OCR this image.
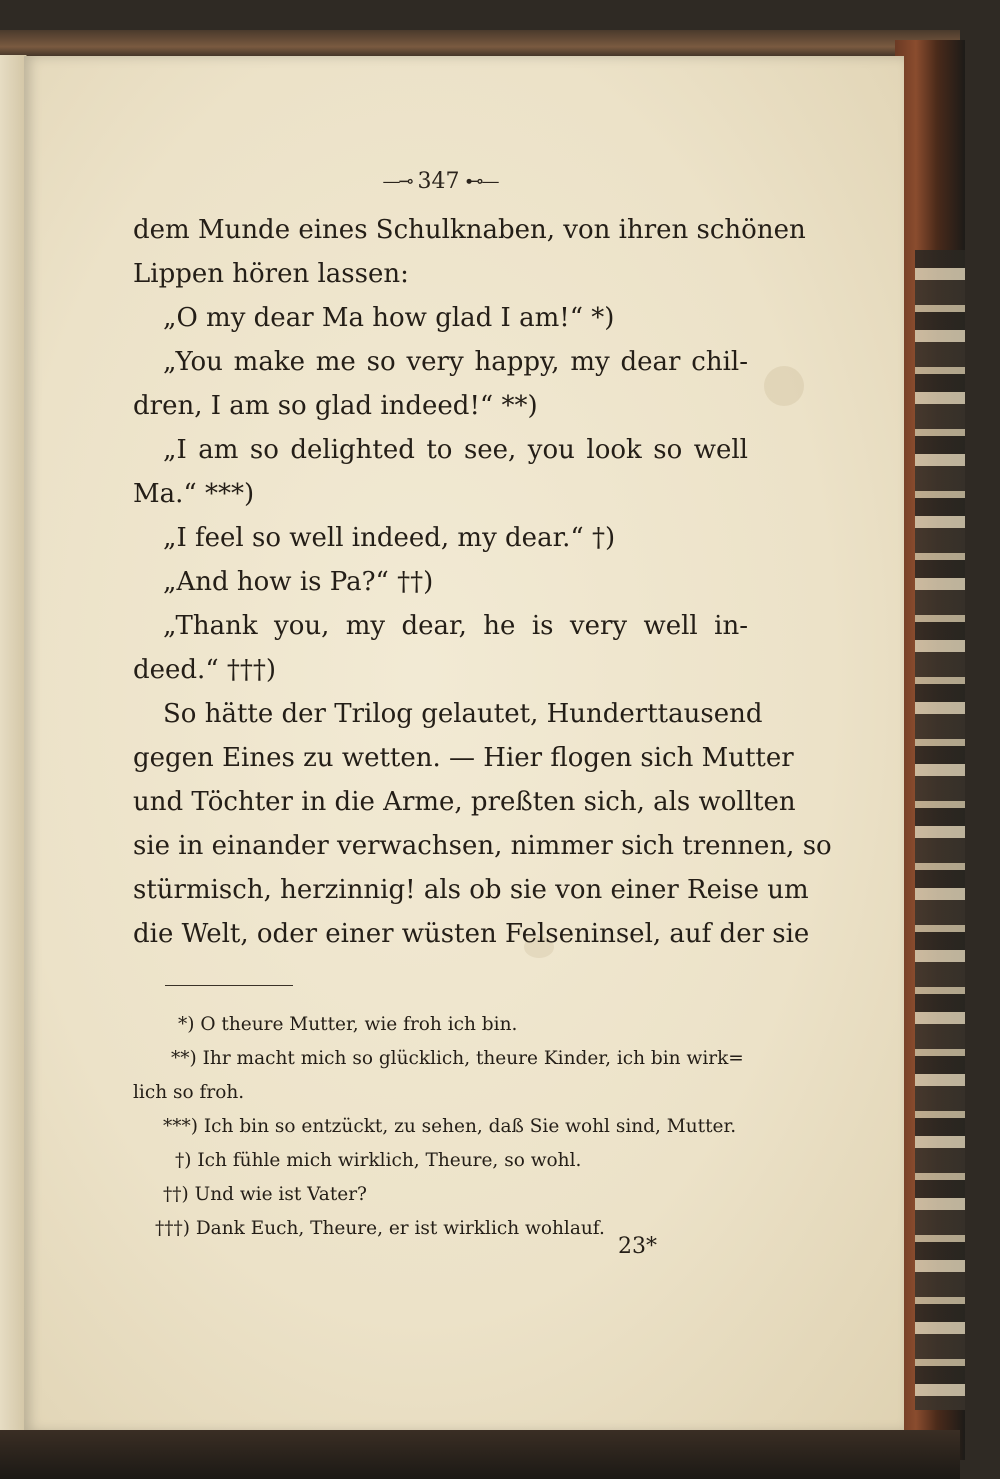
—⊸ 347 ⊷—
dem Munde eines Schulknaben, von ihren schönen
Lippen hören lassen:
„O my dear Ma how glad I am!“ *)
„You make me so very happy, my dear chil-
dren, I am so glad indeed!“ **)
„I am so delighted to see, you look so well
Ma.“ ***)
„I feel so well indeed, my dear.“ †)
„And how is Pa?“ ††)
„Thank you, my dear, he is very well in-
deed.“ †††)
So hätte der Trilog gelautet, Hunderttausend
gegen Eines zu wetten. — Hier flogen sich Mutter
und Töchter in die Arme, preßten sich, als wollten
sie in einander verwachsen, nimmer sich trennen, so
stürmisch, herzinnig! als ob sie von einer Reise um
die Welt, oder einer wüsten Felseninsel, auf der sie
*) O theure Mutter, wie froh ich bin.
**) Ihr macht mich so glücklich, theure Kinder, ich bin wirk=
lich so froh.
***) Ich bin so entzückt, zu sehen, daß Sie wohl sind, Mutter.
†) Ich fühle mich wirklich, Theure, so wohl.
††) Und wie ist Vater?
†††) Dank Euch, Theure, er ist wirklich wohlauf.
23*
